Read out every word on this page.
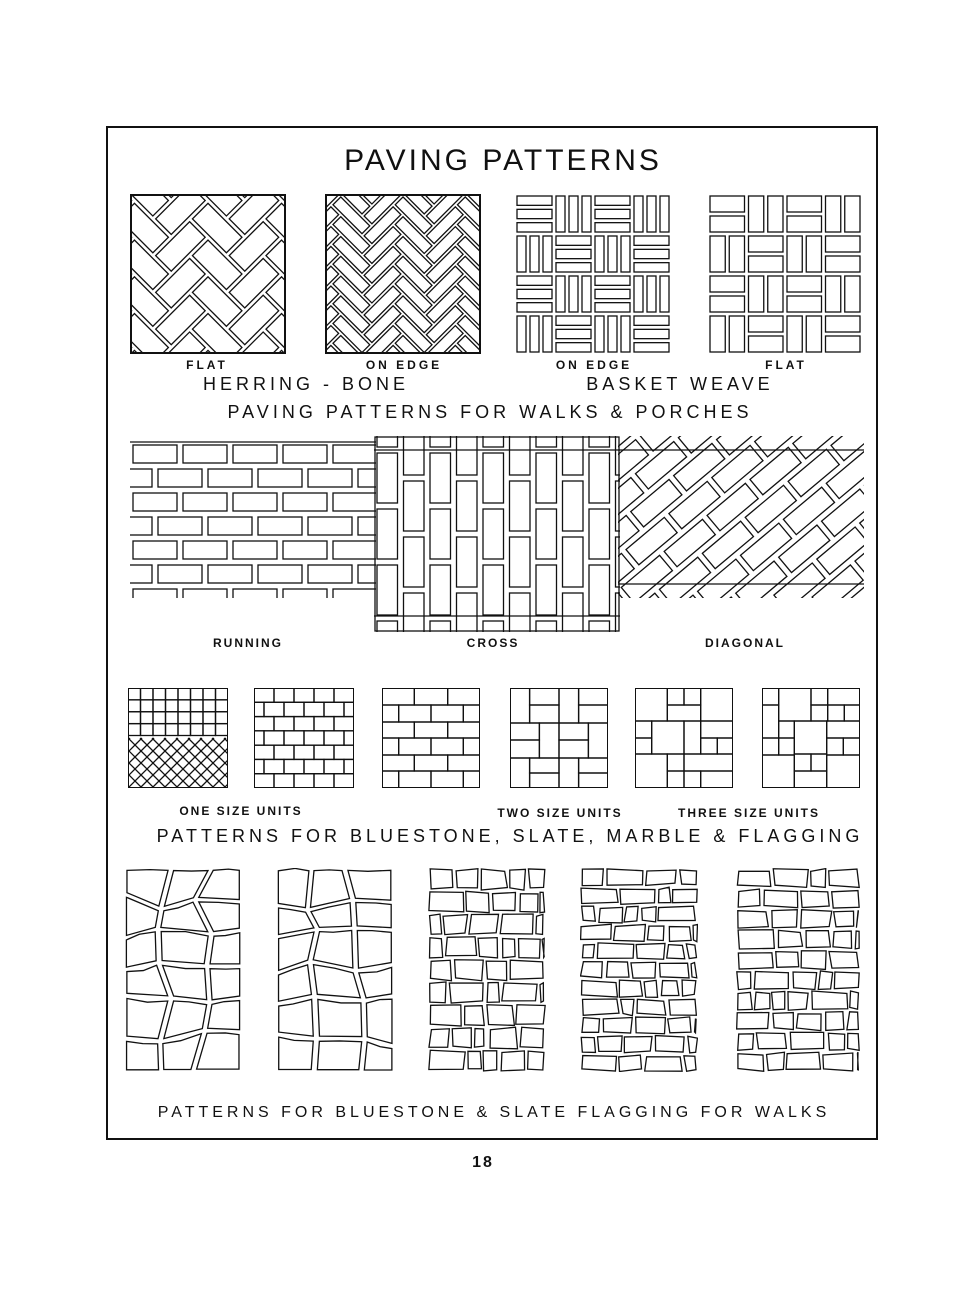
PAVING PATTERNS
FLAT	ON EDGE	ON EDGE	FLAT
HERRING - BONE	BASKET WEAVE
PAVING PATTERNS FOR WALKS & PORCHES
RUNNING	CROSS	DIAGONAL
ONE SIZE UNITS	TWO SIZE UNITS	THREE SIZE UNITS
PATTERNS FOR BLUESTONE, SLATE, MARBLE & FLAGGING
PATTERNS FOR BLUESTONE & SLATE FLAGGING FOR WALKS
18
